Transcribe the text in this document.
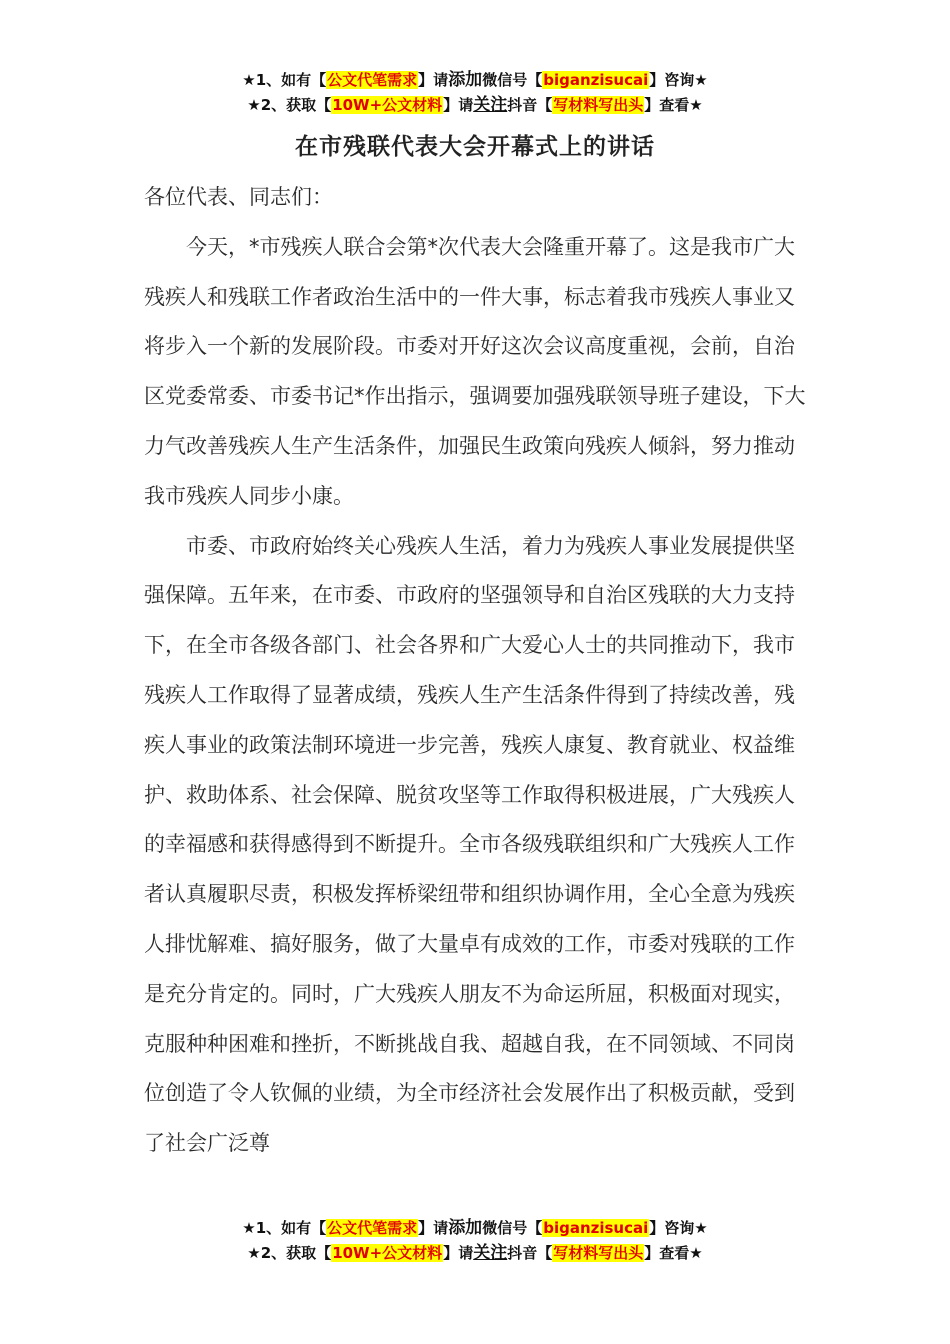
★1、如有【公文代笔需求】请添加微信号【biganzisucai】咨询★
★2、获取【10W+公文材料】请关注抖音【写材料写出头】查看★
在市残联代表大会开幕式上的讲话

各位代表、同志们：

今天，*市残疾人联合会第*次代表大会隆重开幕了。这是我市广大残疾人和残联工作者政治生活中的一件大事，标志着我市残疾人事业又将步入一个新的发展阶段。市委对开好这次会议高度重视，会前，自治区党委常委、市委书记*作出指示，强调要加强残联领导班子建设，下大力气改善残疾人生产生活条件，加强民生政策向残疾人倾斜，努力推动我市残疾人同步小康。

市委、市政府始终关心残疾人生活，着力为残疾人事业发展提供坚强保障。五年来，在市委、市政府的坚强领导和自治区残联的大力支持下，在全市各级各部门、社会各界和广大爱心人士的共同推动下，我市残疾人工作取得了显著成绩，残疾人生产生活条件得到了持续改善，残疾人事业的政策法制环境进一步完善，残疾人康复、教育就业、权益维护、救助体系、社会保障、脱贫攻坚等工作取得积极进展，广大残疾人的幸福感和获得感得到不断提升。全市各级残联组织和广大残疾人工作者认真履职尽责，积极发挥桥梁纽带和组织协调作用，全心全意为残疾人排忧解难、搞好服务，做了大量卓有成效的工作，市委对残联的工作是充分肯定的。同时，广大残疾人朋友不为命运所屈，积极面对现实，克服种种困难和挫折，不断挑战自我、超越自我，在不同领域、不同岗位创造了令人钦佩的业绩，为全市经济社会发展作出了积极贡献，受到了社会广泛尊

★1、如有【公文代笔需求】请添加微信号【biganzisucai】咨询★
★2、获取【10W+公文材料】请关注抖音【写材料写出头】查看★
